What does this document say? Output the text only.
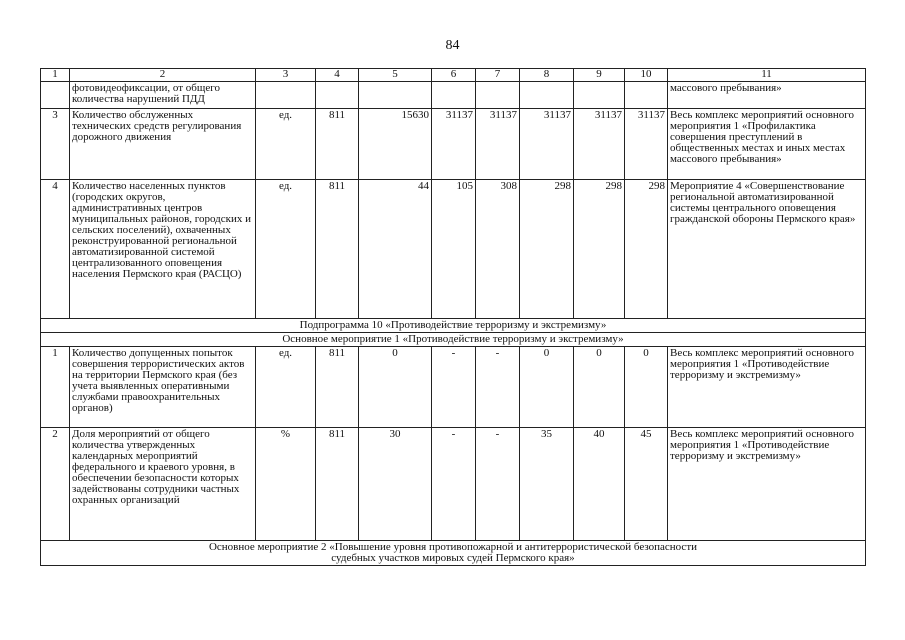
84
1	2	3	4	5	6	7	8	9	10	11
	фотовидеофиксации, от общего количества нарушений ПДД									массового пребывания»
3	Количество обслуженных технических средств регулирования дорожного движения	ед.	811	15630	31137	31137	31137	31137	31137	Весь комплекс мероприятий основного мероприятия 1 «Профилактика совершения преступлений в общественных местах и иных местах массового пребывания»
4	Количество населенных пунктов (городских округов, административных центров муниципальных районов, городских и сельских поселений), охваченных реконструированной региональной автоматизированной системой централизованного оповещения населения Пермского края (РАСЦО)	ед.	811	44	105	308	298	298	298	Мероприятие 4 «Совершенствование региональной автоматизированной системы центрального оповещения гражданской обороны Пермского края»
Подпрограмма 10 «Противодействие терроризму и экстремизму»										
Основное мероприятие 1 «Противодействие терроризму и экстремизму»										
1	Количество допущенных попыток совершения террористических актов на территории Пермского края (без учета выявленных оперативными службами правоохранительных органов)	ед.	811	0	-	-	0	0	0	Весь комплекс мероприятий основного мероприятия 1 «Противодействие терроризму и экстремизму»
2	Доля мероприятий от общего количества утвержденных календарных мероприятий федерального и краевого уровня, в обеспечении безопасности которых задействованы сотрудники частных охранных организаций	%	811	30	-	-	35	40	45	Весь комплекс мероприятий основного мероприятия 1 «Противодействие терроризму и экстремизму»

Основное мероприятие 2 «Повышение уровня противопожарной и антитеррористической безопасности
судебных участков мировых судей Пермского края»										
